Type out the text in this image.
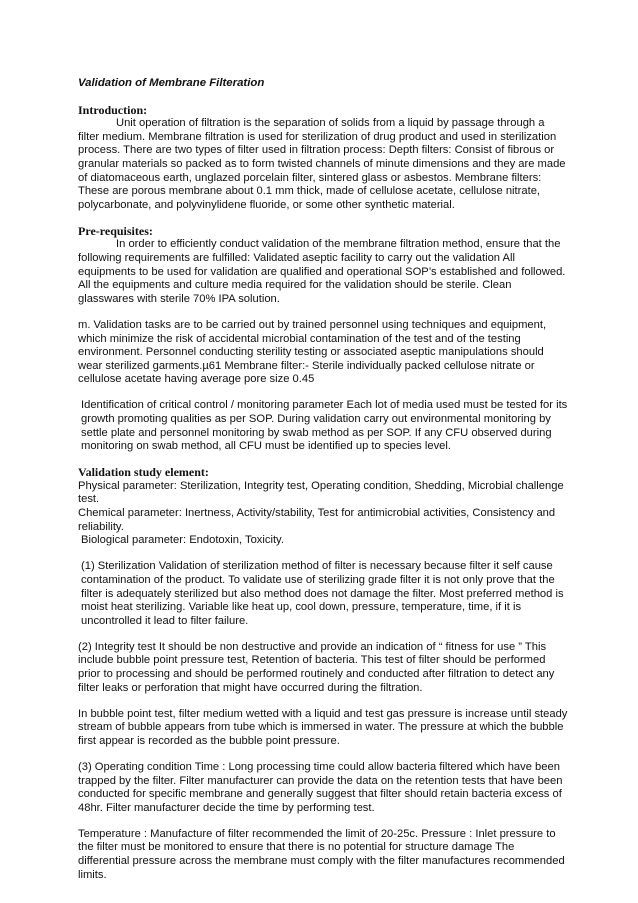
Validation of Membrane Filteration
Introduction:

Unit operation of filtration is the separation of solids from a liquid by passage through a filter medium. Membrane filtration is used for sterilization of drug product and used in sterilization process. There are two types of filter used in filtration process: Depth filters: Consist of fibrous or granular materials so packed as to form twisted channels of minute dimensions and they are made of diatomaceous earth, unglazed porcelain filter, sintered glass or asbestos. Membrane filters: These are porous membrane about 0.1 mm thick, made of cellulose acetate, cellulose nitrate, polycarbonate, and polyvinylidene fluoride, or some other synthetic material.

Pre-requisites:

In order to efficiently conduct validation of the membrane filtration method, ensure that the following requirements are fulfilled: Validated aseptic facility to carry out the validation All equipments to be used for validation are qualified and operational SOP’s established and followed. All the equipments and culture media required for the validation should be sterile. Clean glasswares with sterile 70% IPA solution.

m. Validation tasks are to be carried out by trained personnel using techniques and equipment, which minimize the risk of accidental microbial contamination of the test and of the testing environment. Personnel conducting sterility testing or associated aseptic manipulations should wear sterilized garments.µ61 Membrane filter:- Sterile individually packed cellulose nitrate or cellulose acetate having average pore size 0.45

Identification of critical control / monitoring parameter Each lot of media used must be tested for its growth promoting qualities as per SOP. During validation carry out environmental monitoring by settle plate and personnel monitoring by swab method as per SOP. If any CFU observed during monitoring on swab method, all CFU must be identified up to species level.

Validation study element:

Physical parameter: Sterilization, Integrity test, Operating condition, Shedding, Microbial challenge test.

Chemical parameter: Inertness, Activity/stability, Test for antimicrobial activities, Consistency and reliability.

Biological parameter: Endotoxin, Toxicity.

(1) Sterilization Validation of sterilization method of filter is necessary because filter it self cause contamination of the product. To validate use of sterilizing grade filter it is not only prove that the filter is adequately sterilized but also method does not damage the filter. Most preferred method is moist heat sterilizing. Variable like heat up, cool down, pressure, temperature, time, if it is uncontrolled it lead to filter failure.

(2) Integrity test It should be non destructive and provide an indication of “ fitness for use ” This include bubble point pressure test, Retention of bacteria. This test of filter should be performed prior to processing and should be performed routinely and conducted after filtration to detect any filter leaks or perforation that might have occurred during the filtration.

In bubble point test, filter medium wetted with a liquid and test gas pressure is increase until steady stream of bubble appears from tube which is immersed in water. The pressure at which the bubble first appear is recorded as the bubble point pressure.

(3) Operating condition Time : Long processing time could allow bacteria filtered which have been trapped by the filter. Filter manufacturer can provide the data on the retention tests that have been conducted for specific membrane and generally suggest that filter should retain bacteria excess of 48hr. Filter manufacturer decide the time by performing test.

Temperature : Manufacture of filter recommended the limit of 20-25c. Pressure : Inlet pressure to the filter must be monitored to ensure that there is no potential for structure damage The differential pressure across the membrane must comply with the filter manufactures recommended limits.
